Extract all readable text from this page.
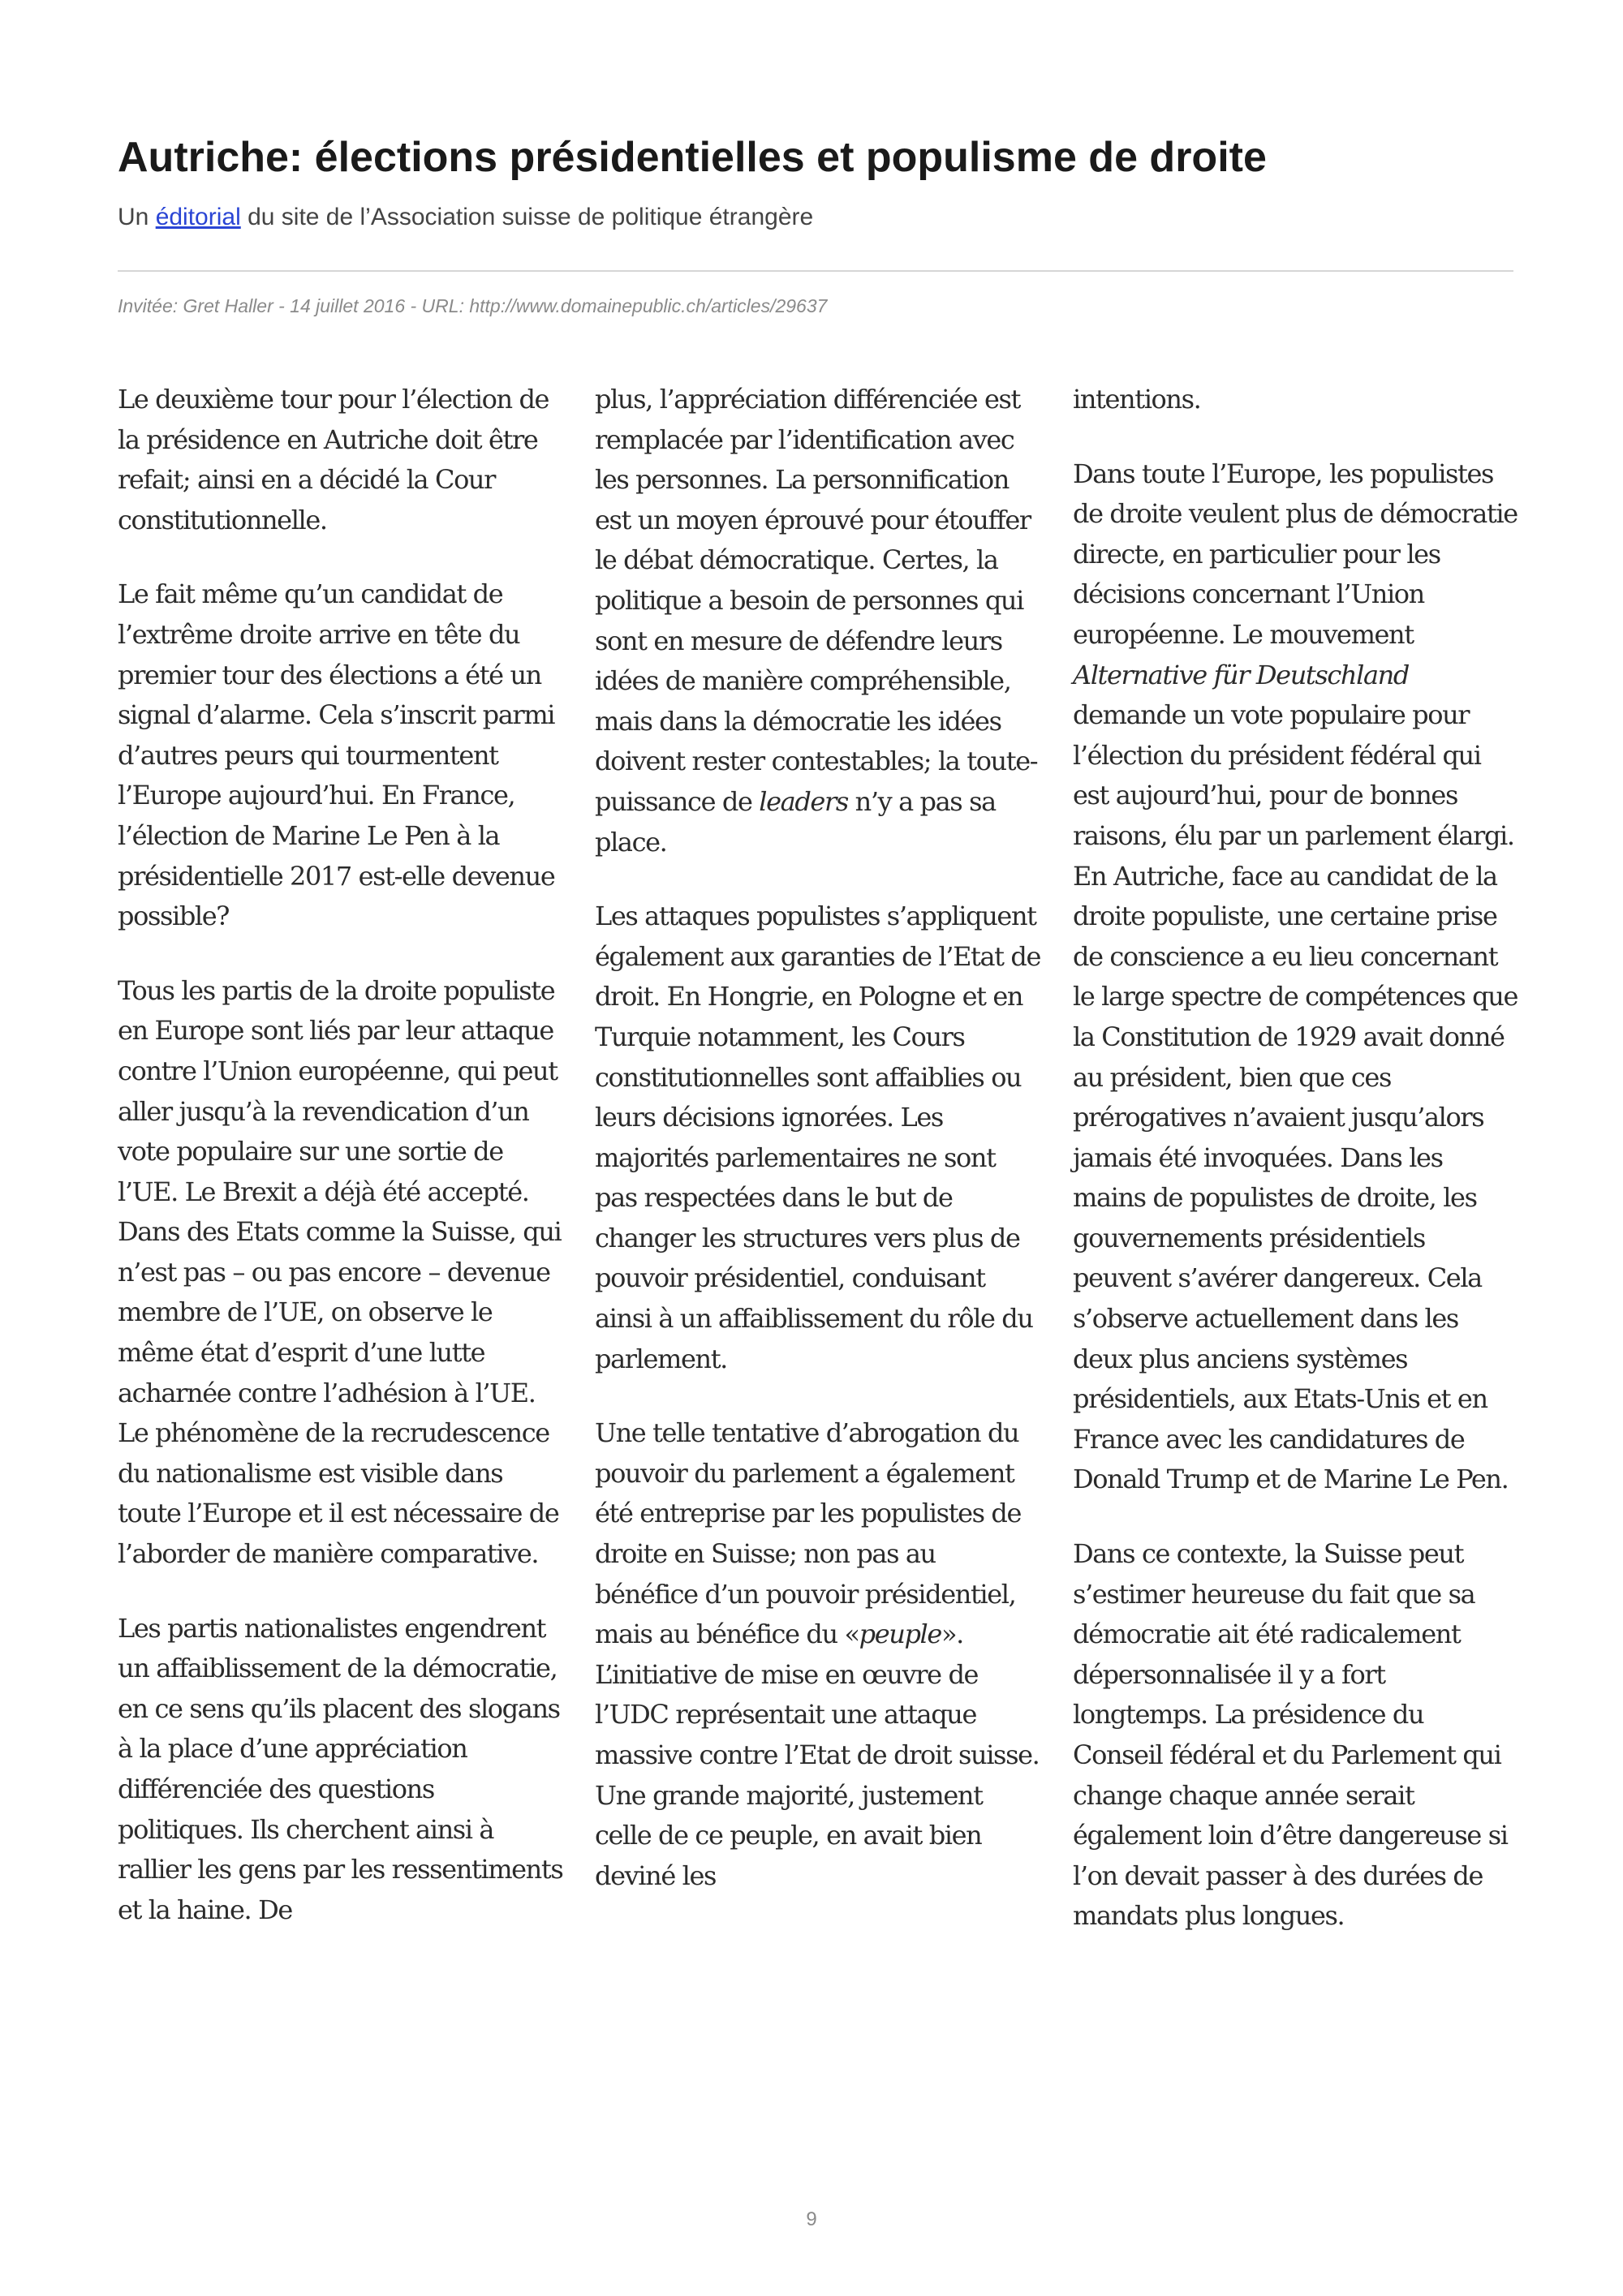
Autriche: élections présidentielles et populisme de droite

Un éditorial du site de l’Association suisse de politique étrangère

Invitée: Gret Haller - 14 juillet 2016 - URL: http://www.domainepublic.ch/articles/29637

Le deuxième tour pour l’élection de la présidence en Autriche doit être refait; ainsi en a décidé la Cour constitutionnelle.

Le fait même qu’un candidat de l’extrême droite arrive en tête du premier tour des élections a été un signal d’alarme. Cela s’inscrit parmi d’autres peurs qui tourmentent l’Europe aujourd’hui. En France, l’élection de Marine Le Pen à la présidentielle 2017 est-elle devenue possible?

Tous les partis de la droite populiste en Europe sont liés par leur attaque contre l’Union européenne, qui peut aller jusqu’à la revendication d’un vote populaire sur une sortie de l’UE. Le Brexit a déjà été accepté. Dans des Etats comme la Suisse, qui n’est pas – ou pas encore – devenue membre de l’UE, on observe le même état d’esprit d’une lutte acharnée contre l’adhésion à l’UE. Le phénomène de la recrudescence du nationalisme est visible dans toute l’Europe et il est nécessaire de l’aborder de manière comparative.

Les partis nationalistes engendrent un affaiblissement de la démocratie, en ce sens qu’ils placent des slogans à la place d’une appréciation différenciée des questions politiques. Ils cherchent ainsi à rallier les gens par les ressentiments et la haine. De

plus, l’appréciation différenciée est remplacée par l’identification avec les personnes. La personnification est un moyen éprouvé pour étouffer le débat démocratique. Certes, la politique a besoin de personnes qui sont en mesure de défendre leurs idées de manière compréhensible, mais dans la démocratie les idées doivent rester contestables; la toute-puissance de leaders n’y a pas sa place.

Les attaques populistes s’appliquent également aux garanties de l’Etat de droit. En Hongrie, en Pologne et en Turquie notamment, les Cours constitutionnelles sont affaiblies ou leurs décisions ignorées. Les majorités parlementaires ne sont pas respectées dans le but de changer les structures vers plus de pouvoir présidentiel, conduisant ainsi à un affaiblissement du rôle du parlement.

Une telle tentative d’abrogation du pouvoir du parlement a également été entreprise par les populistes de droite en Suisse; non pas au bénéfice d’un pouvoir présidentiel, mais au bénéfice du «peuple». L’initiative de mise en œuvre de l’UDC représentait une attaque massive contre l’Etat de droit suisse. Une grande majorité, justement celle de ce peuple, en avait bien deviné les

intentions.

Dans toute l’Europe, les populistes de droite veulent plus de démocratie directe, en particulier pour les décisions concernant l’Union européenne. Le mouvement Alternative für Deutschland demande un vote populaire pour l’élection du président fédéral qui est aujourd’hui, pour de bonnes raisons, élu par un parlement élargi. En Autriche, face au candidat de la droite populiste, une certaine prise de conscience a eu lieu concernant le large spectre de compétences que la Constitution de 1929 avait donné au président, bien que ces prérogatives n’avaient jusqu’alors jamais été invoquées. Dans les mains de populistes de droite, les gouvernements présidentiels peuvent s’avérer dangereux. Cela s’observe actuellement dans les deux plus anciens systèmes présidentiels, aux Etats-Unis et en France avec les candidatures de Donald Trump et de Marine Le Pen.

Dans ce contexte, la Suisse peut s’estimer heureuse du fait que sa démocratie ait été radicalement dépersonnalisée il y a fort longtemps. La présidence du Conseil fédéral et du Parlement qui change chaque année serait également loin d’être dangereuse si l’on devait passer à des durées de mandats plus longues.

9
